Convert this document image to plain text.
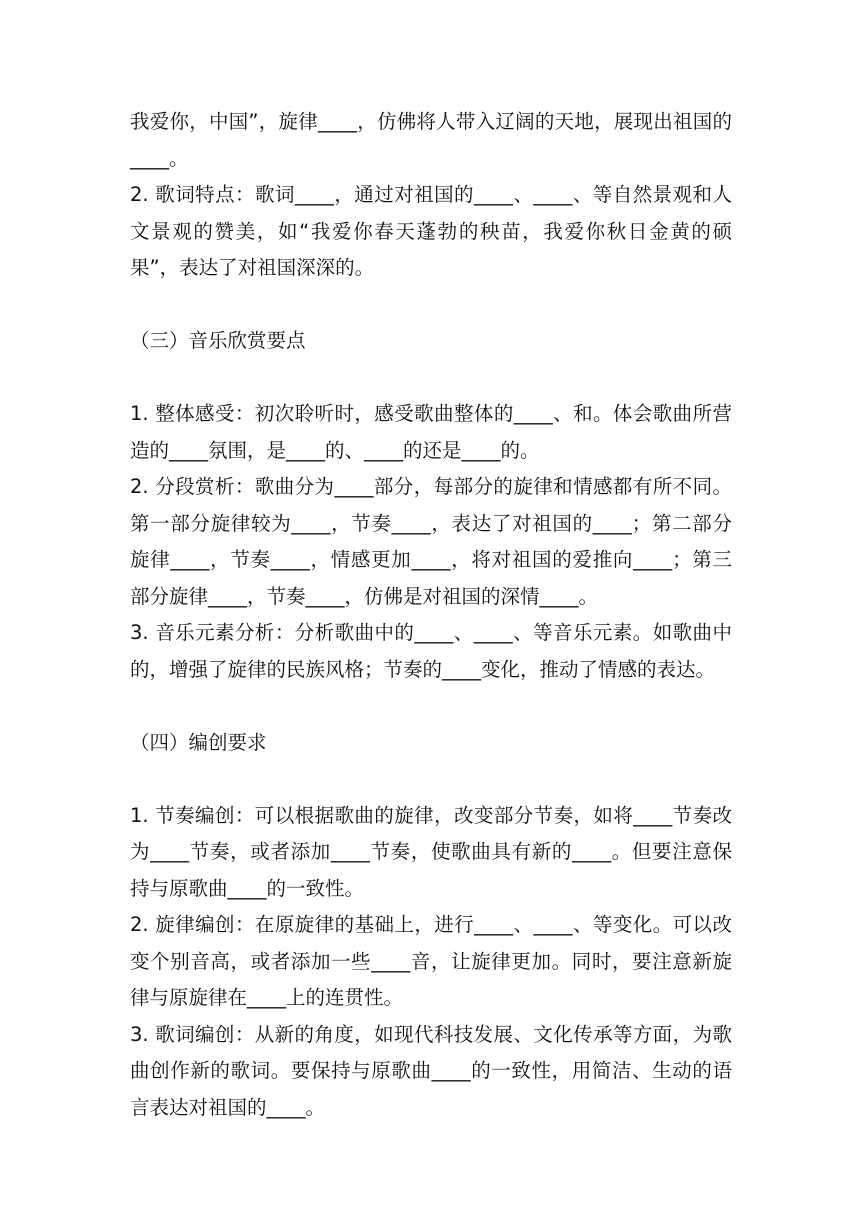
我爱你，中国”，旋律____，仿佛将人带入辽阔的天地，展现出祖国的____。

2. 歌词特点：歌词____，通过对祖国的____、____、等自然景观和人文景观的赞美，如“我爱你春天蓬勃的秧苗，我爱你秋日金黄的硕果”，表达了对祖国深深的。

（三）音乐欣赏要点

1. 整体感受：初次聆听时，感受歌曲整体的____、和。体会歌曲所营造的____氛围，是____的、____的还是____的。

2. 分段赏析：歌曲分为____部分，每部分的旋律和情感都有所不同。第一部分旋律较为____，节奏____，表达了对祖国的____；第二部分旋律____，节奏____，情感更加____，将对祖国的爱推向____；第三部分旋律____，节奏____，仿佛是对祖国的深情____。

3. 音乐元素分析：分析歌曲中的____、____、等音乐元素。如歌曲中的，增强了旋律的民族风格；节奏的____变化，推动了情感的表达。

（四）编创要求

1. 节奏编创：可以根据歌曲的旋律，改变部分节奏，如将____节奏改为____节奏，或者添加____节奏，使歌曲具有新的____。但要注意保持与原歌曲____的一致性。

2. 旋律编创：在原旋律的基础上，进行____、____、等变化。可以改变个别音高，或者添加一些____音，让旋律更加。同时，要注意新旋律与原旋律在____上的连贯性。

3. 歌词编创：从新的角度，如现代科技发展、文化传承等方面，为歌曲创作新的歌词。要保持与原歌曲____的一致性，用简洁、生动的语言表达对祖国的____。
